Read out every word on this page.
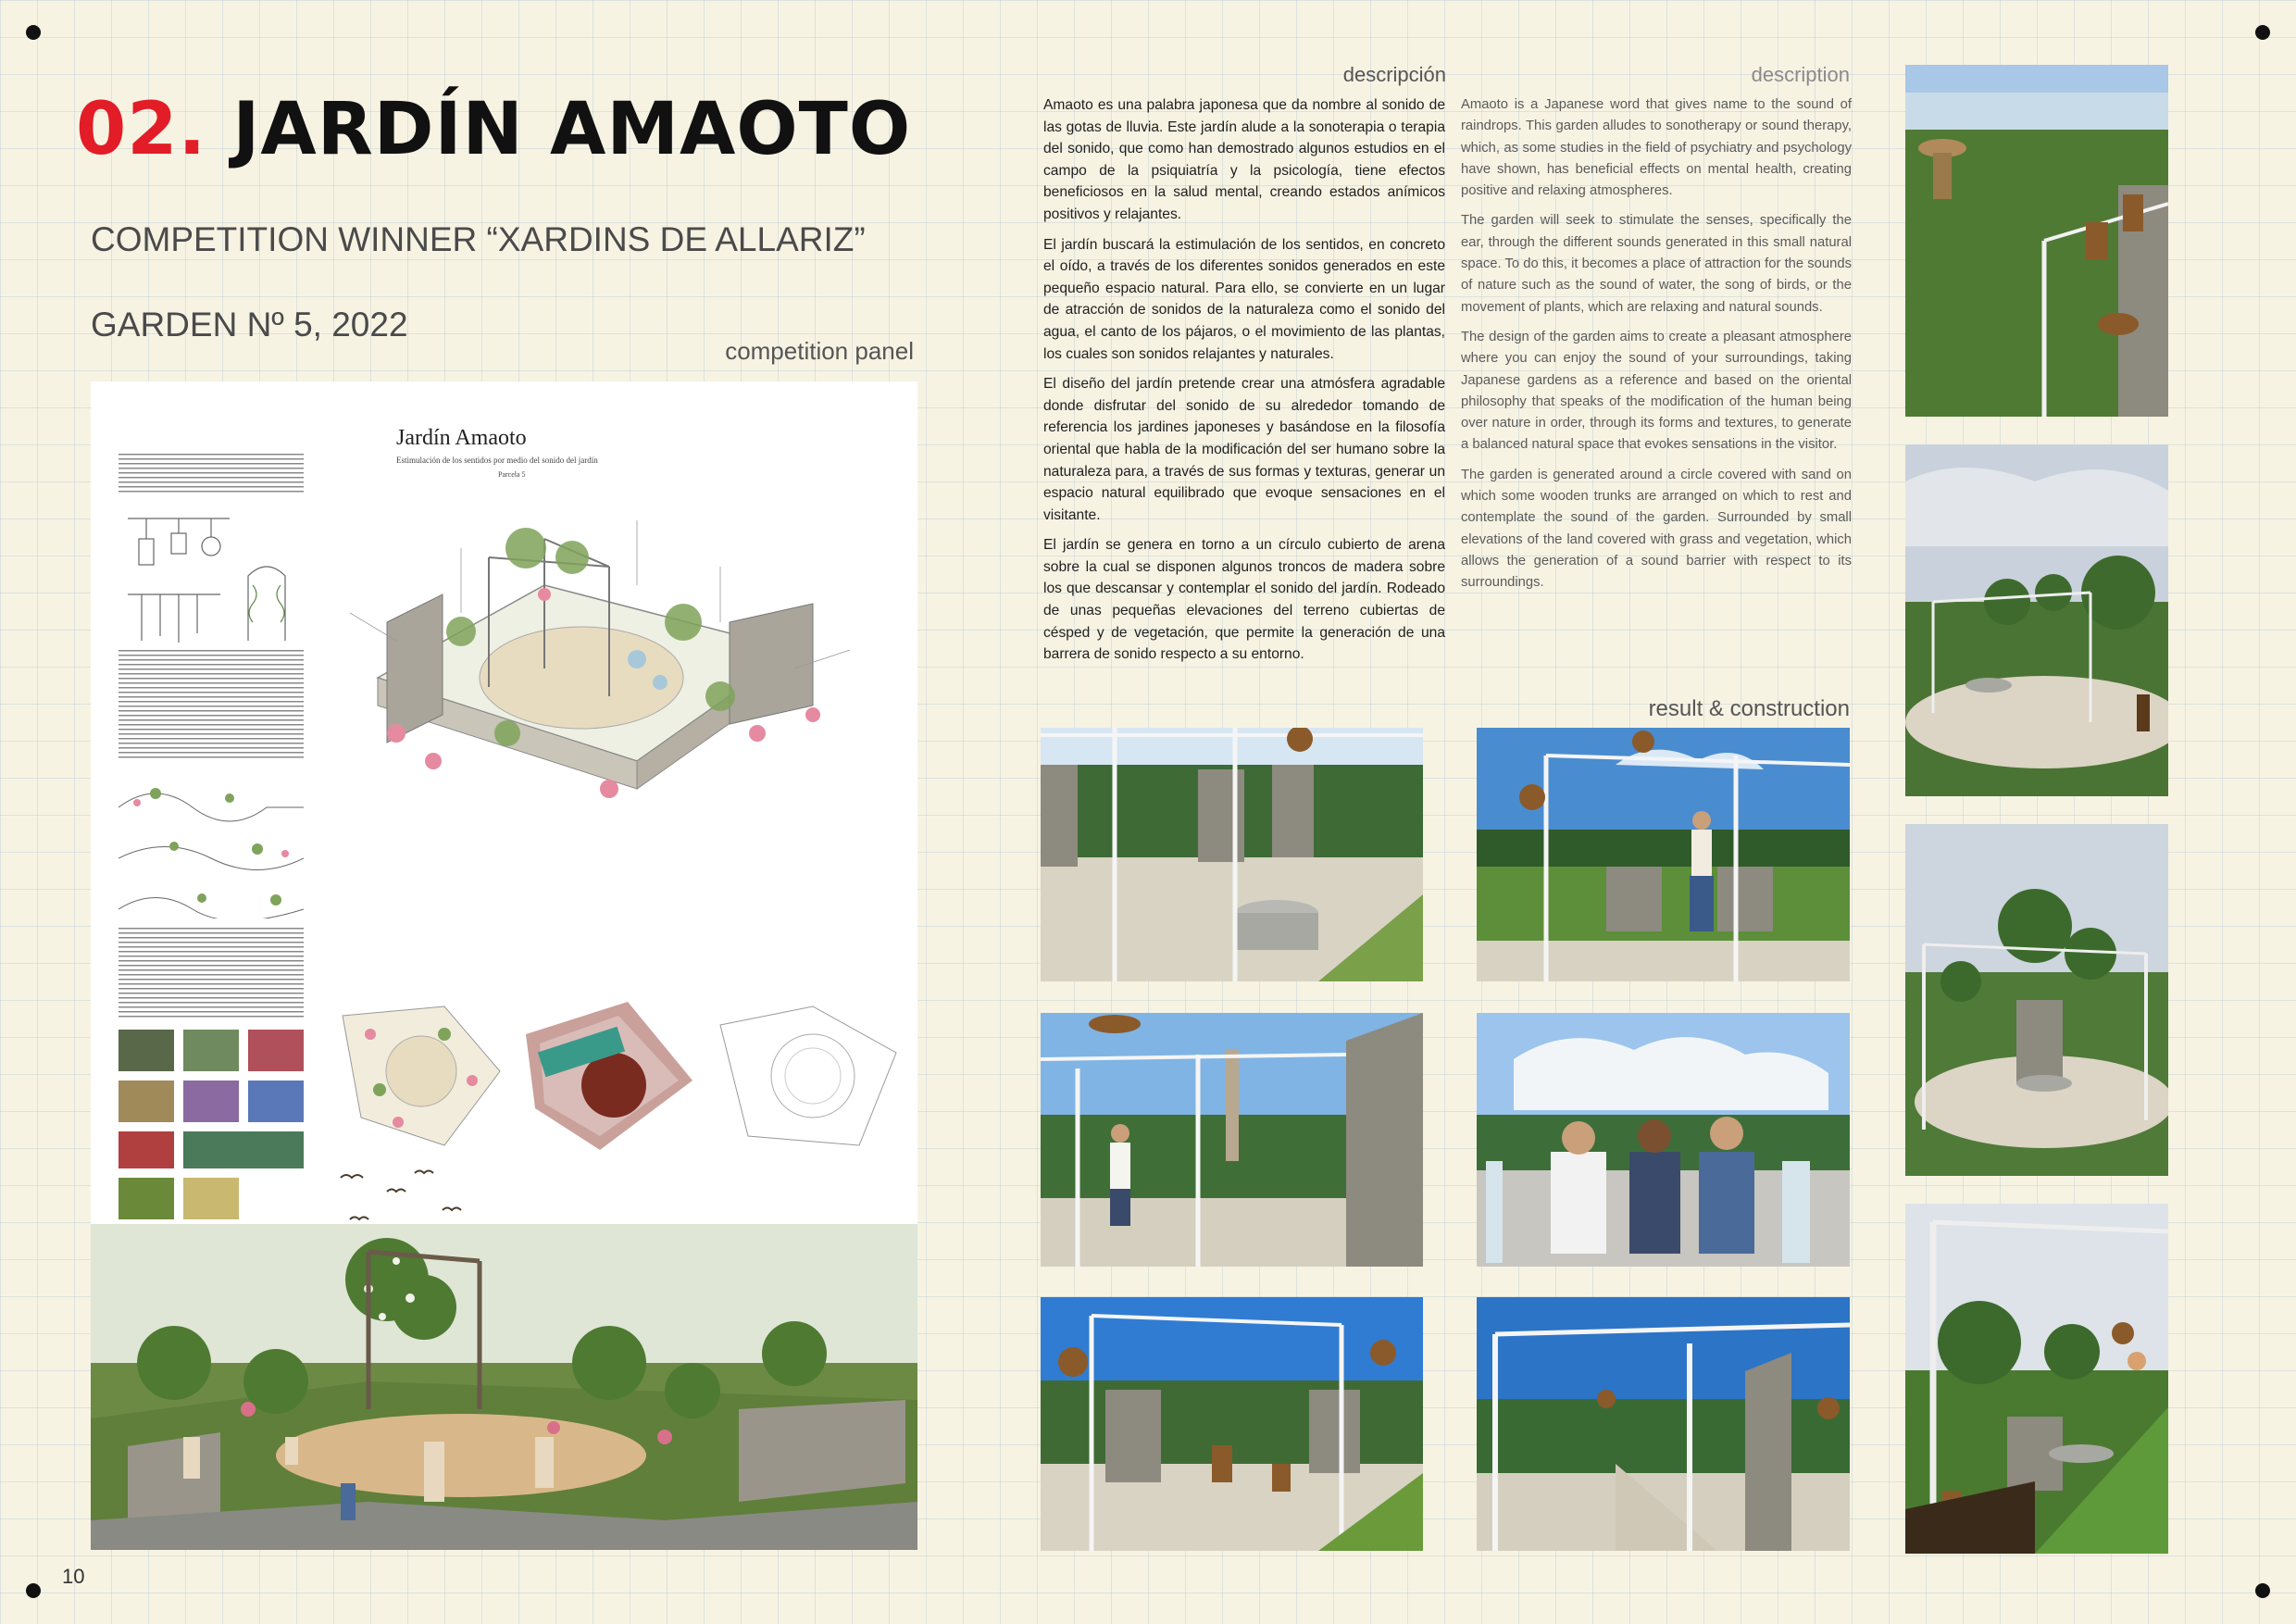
02. JARDÍN AMAOTO
COMPETITION WINNER “XARDINS DE ALLARIZ”
GARDEN Nº 5, 2022
competition panel
Jardín Amaoto
Estimulación de los sentidos por medio del sonido del jardín
Parcela 5
descripción	description

Amaoto es una palabra japonesa que da nombre al sonido de las gotas de lluvia. Este jardín alude a la sonoterapia o terapia del sonido, que como han demostrado algunos estudios en el campo de la psiquiatría y la psicología, tiene efectos beneficiosos en la salud mental, creando estados anímicos positivos y relajantes.

El jardín buscará la estimulación de los sentidos, en concreto el oído, a través de los diferentes sonidos generados en este pequeño espacio natural. Para ello, se convierte en un lugar de atracción de sonidos de la naturaleza como el sonido del agua, el canto de los pájaros, o el movimiento de las plantas, los cuales son sonidos relajantes y naturales.

El diseño del jardín pretende crear una atmósfera agradable donde disfrutar del sonido de su alrededor tomando de referencia los jardines japoneses y basándose en la filosofía oriental que habla de la modificación del ser humano sobre la naturaleza para, a través de sus formas y texturas, generar un espacio natural equilibrado que evoque sensaciones en el visitante.

El jardín se genera en torno a un círculo cubierto de arena sobre la cual se disponen algunos troncos de madera sobre los que descansar y contemplar el sonido del jardín. Rodeado de unas pequeñas elevaciones del terreno cubiertas de césped y de vegetación, que permite la generación de una barrera de sonido respecto a su entorno.

Amaoto is a Japanese word that gives name to the sound of raindrops. This garden alludes to sonotherapy or sound therapy, which, as some studies in the field of psychiatry and psychology have shown, has beneficial effects on mental health, creating positive and relaxing atmospheres.

The garden will seek to stimulate the senses, specifically the ear, through the different sounds generated in this small natural space. To do this, it becomes a place of attraction for the sounds of nature such as the sound of water, the song of birds, or the movement of plants, which are relaxing and natural sounds.

The design of the garden aims to create a pleasant atmosphere where you can enjoy the sound of your surroundings, taking Japanese gardens as a reference and based on the oriental philosophy that speaks of the modification of the human being over nature in order, through its forms and textures, to generate a balanced natural space that evokes sensations in the visitor.

The garden is generated around a circle covered with sand on which some wooden trunks are arranged on which to rest and contemplate the sound of the garden. Surrounded by small elevations of the land covered with grass and vegetation, which allows the generation of a sound barrier with respect to its surroundings.

result & construction
10
